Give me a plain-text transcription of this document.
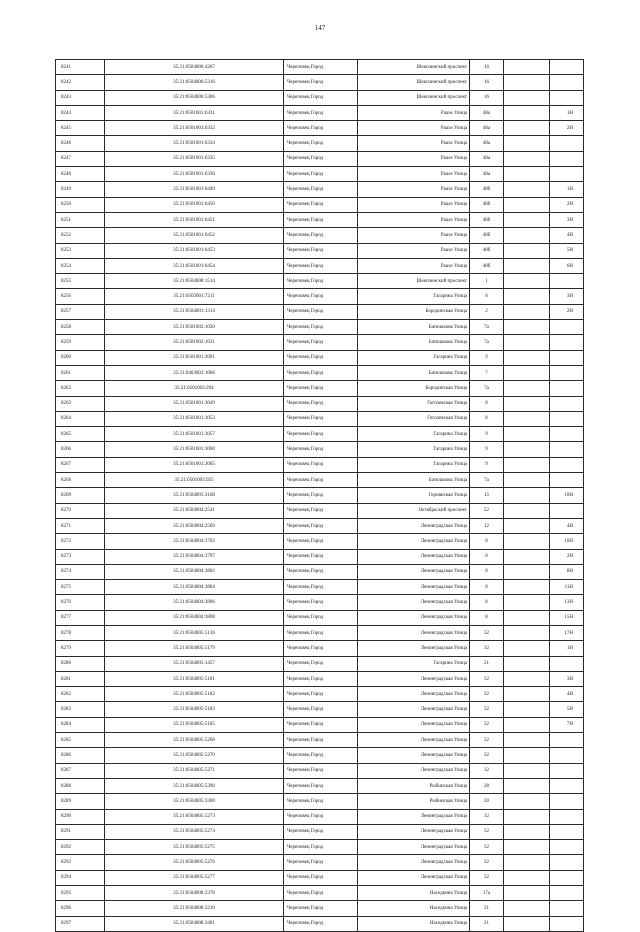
147
8241	35:21:0504006:4207	Череповец Город	Шекснинский проспект	16		
8242	35:21:0504006:5316	Череповец Город	Шекснинский проспект	16		
8243	35:21:0504006:5306	Череповец Город	Шекснинский проспект	16		
8244	35:21:0501001:6331	Череповец Город	Раахе Улица	48а		1Н
8245	35:21:0501001:6332	Череповец Город	Раахе Улица	48а		2Н
8246	35:21:0501001:6334	Череповец Город	Раахе Улица	48а		
8247	35:21:0501001:6335	Череповец Город	Раахе Улица	48а		
8248	35:21:0501001:6336	Череповец Город	Раахе Улица	48а		
8249	35:21:0501001:6449	Череповец Город	Раахе Улица	48б		1Н
8250	35:21:0501001:6450	Череповец Город	Раахе Улица	48б		2Н
8251	35:21:0501001:6451	Череповец Город	Раахе Улица	48б		3Н
8252	35:21:0501001:6452	Череповец Город	Раахе Улица	48б		4Н
8253	35:21:0501001:6453	Череповец Город	Раахе Улица	48б		5Н
8254	35:21:0501001:6454	Череповец Город	Раахе Улица	48б		6Н
8255	35:21:0504008:1514	Череповец Город	Шекснинский проспект	1		
8256	35:21:0503001:7211	Череповец Город	Гагарина Улица	8		3Н
8257	35:21:0504001:1314	Череповец Город	Бородинская Улица	2		2Н
8258	35:21:0501002:1030	Череповец Город	Батюшкова Улица	7а		
8259	35:21:0501002:1031	Череповец Город	Батюшкова Улица	7а		
8260	35:21:0501001:2091	Череповец Город	Гагарина Улица	9		
8261	35:21:0403003:1066	Череповец Город	Батюшкова Улица	7		
8262	35:21:0501003:264	Череповец Город	Бородинская Улица	7а		
8263	35:21:0501001:3049	Череповец Город	Гоголевская Улица	8		
8264	35:21:0501001:3053	Череповец Город	Гоголевская Улица	8		
8265	35:21:0501001:3057	Череповец Город	Гагарина Улица	9		
8266	35:21:0501001:3060	Череповец Город	Гагарина Улица	9		
8267	35:21:0501001:3065	Череповец Город	Гагарина Улица	9		
8268	35:21:0501003:925	Череповец Город	Батюшкова Улица	7а		
8269	35:21:0504005:3108	Череповец Город	Горнянская Улица	15		10Н
8270	35:21:0504004:2541	Череповец Город	Октябрьский проспект	52		
8271	35:21:0504004:2569	Череповец Город	Ленинградская Улица	12		4Н
8272	35:21:0504004:3703	Череповец Город	Ленинградская Улица	8		10Н
8273	35:21:0504004:3797	Череповец Город	Ленинградская Улица	8		2Н
8274	35:21:0504004:3802	Череповец Город	Ленинградская Улица	8		8Н
8275	35:21:0504004:3804	Череповец Город	Ленинградская Улица	8		11Н
8276	35:21:0504004:3806	Череповец Город	Ленинградская Улица	8		13Н
8277	35:21:0504004:3808	Череповец Город	Ленинградская Улица	8		15Н
8278	35:21:0504005:5136	Череповец Город	Ленинградская Улица	32		17Н
8279	35:21:0504005:5179	Череповец Город	Ленинградская Улица	32		1Н
8280	35:21:0504005:1457	Череповец Город	Гагарина Улица	21		
8281	35:21:0504005:5181	Череповец Город	Ленинградская Улица	32		3Н
8282	35:21:0504005:5182	Череповец Город	Ленинградская Улица	32		4Н
8283	35:21:0504005:5183	Череповец Город	Ленинградская Улица	32		5Н
8284	35:21:0504005:5185	Череповец Город	Ленинградская Улица	32		7Н
8285	35:21:0504005:5268	Череповец Город	Ленинградская Улица	32		
8286	35:21:0504005:5270	Череповец Город	Ленинградская Улица	32		
8287	35:21:0504005:5271	Череповец Город	Ленинградская Улица	32		
8288	35:21:0504005:5390	Череповец Город	Рыбинская Улица	28		
8289	35:21:0504005:3300	Череповец Город	Рыбинская Улица	20		
8290	35:21:0504005:5273	Череповец Город	Ленинградская Улица	32		
8291	35:21:0504005:5274	Череповец Город	Ленинградская Улица	32		
8292	35:21:0504005:5275	Череповец Город	Ленинградская Улица	32		
8293	35:21:0504005:5276	Череповец Город	Ленинградская Улица	32		
8294	35:21:0504005:5277	Череповец Город	Ленинградская Улица	32		
8295	35:21:0504008:3378	Череповец Город	Наседкина Улица	17а		
8296	35:21:0504008:3210	Череповец Город	Наседкина Улица	21		
8297	35:21:0504008:3401	Череповец Город	Наседкина Улица	21		
